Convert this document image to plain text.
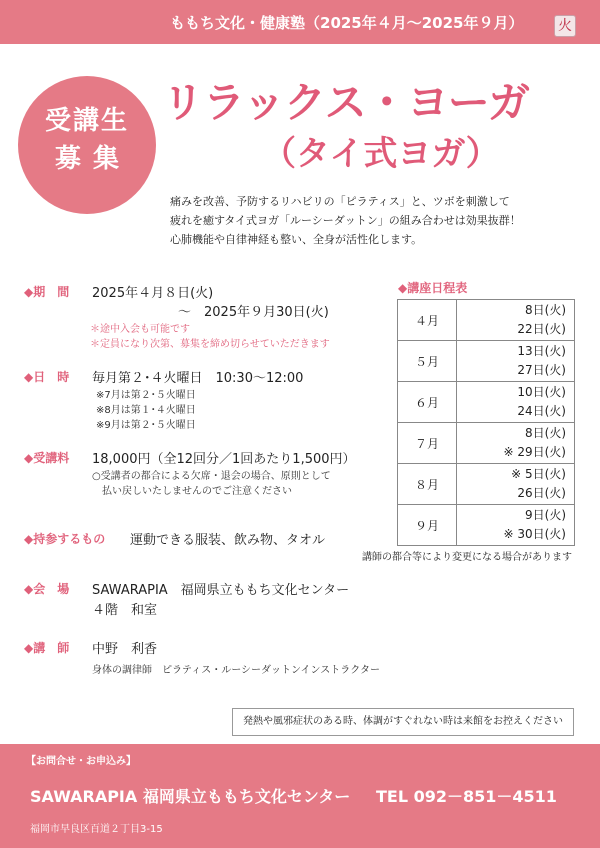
ももち文化・健康塾（2025年４月～2025年９月） 火
受講生
募集
リラックス・ヨーガ
（タイ式ヨガ）
痛みを改善、予防するリハビリの「ピラティス」と、ツボを刺激して
疲れを癒すタイ式ヨガ「ルーシーダットン」の組み合わせは効果抜群！
心肺機能や自律神経も整い、全身が活性化します。
◆期　間 2025年４月８日(火)
～　2025年９月30日(火)
＊途中入会も可能です
＊定員になり次第、募集を締め切らせていただきます
◆日　時 毎月第２･４火曜日　10:30～12:00
※7月は第２･５火曜日
※8月は第１･４火曜日
※9月は第２･５火曜日
◆受講料 18,000円（全12回分／1回あたり1,500円）
○受講者の都合による欠席・退会の場合、原則として
払い戻しいたしませんのでご注意ください
◆持参するもの 運動できる服装、飲み物、タオル
◆会　場 SAWARAPIA　福岡県立ももち文化センター
４階　和室
◆講　師 中野　利香
身体の調律師　ピラティス・ルーシーダットンインストラクター
◆講座日程表
４月	8日(火)
22日(火)

５月	13日(火)
27日(火)

６月	10日(火)
24日(火)

７月	8日(火)
※ 29日(火)

８月	※ 5日(火)
26日(火)

９月	9日(火)
※ 30日(火)
講師の都合等により変更になる場合があります
発熱や風邪症状のある時、体調がすぐれない時は来館をお控えください
【お問合せ・お申込み】
SAWARAPIA 福岡県立ももち文化センター TEL 092－851－4511
福岡市早良区百道２丁目3-15
